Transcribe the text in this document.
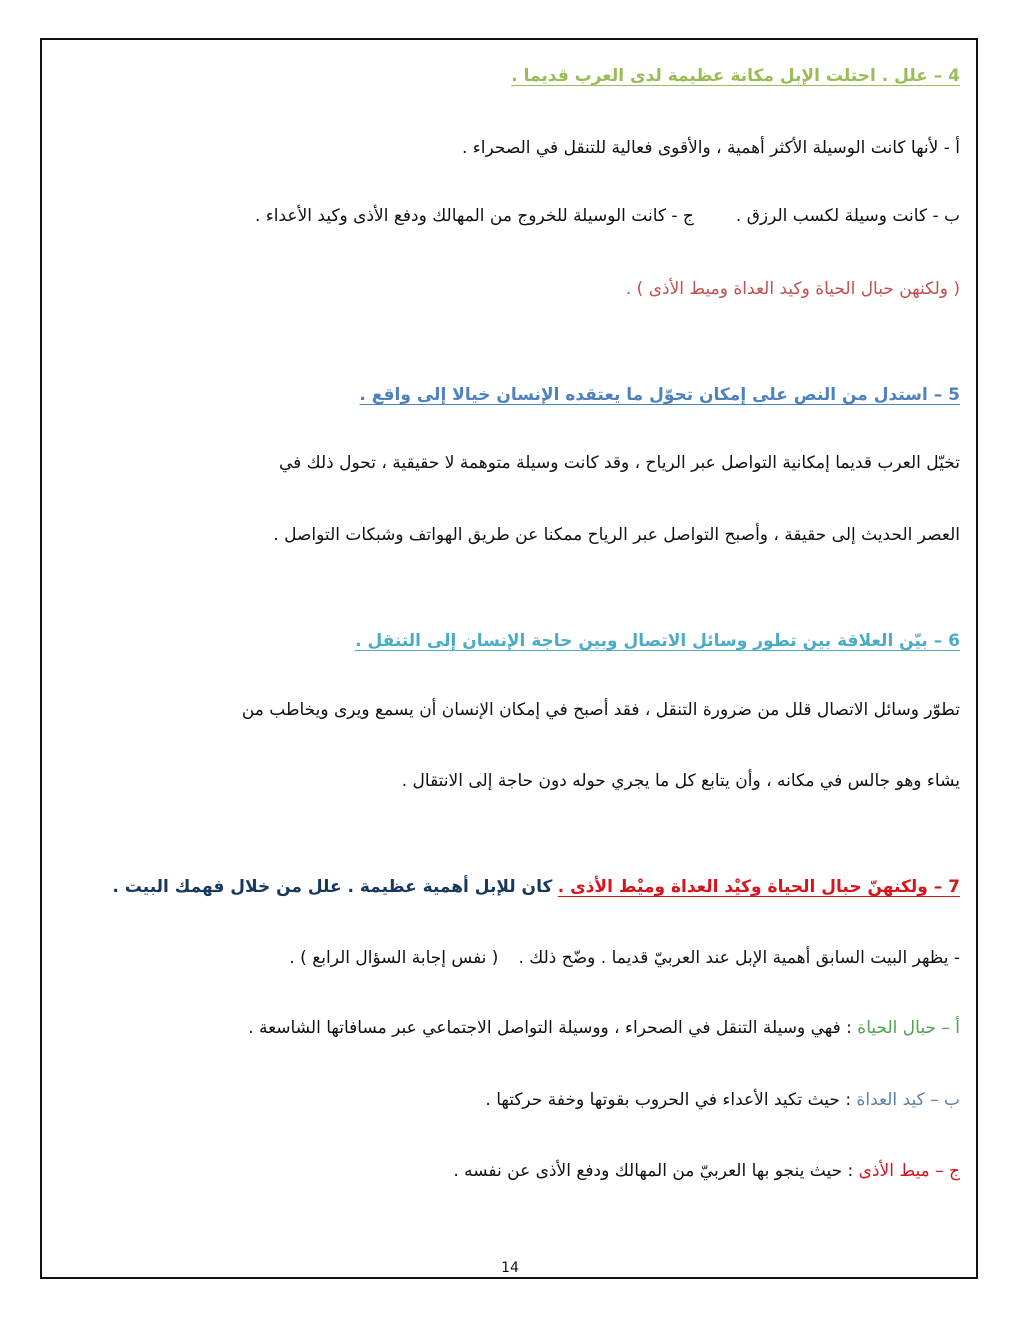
4 – علل . احتلت الإبل مكانة عظيمة لدى العرب قديما .
أ - لأنها كانت الوسيلة الأكثر أهمية ، والأقوى فعالية للتنقل في الصحراء .
ب - كانت وسيلة لكسب الرزق .ج - كانت الوسيلة للخروج من المهالك ودفع الأذى وكيد الأعداء .
( ولكنهن حبال الحياة وكيد العداة وميط الأذى ) .
5 – استدل من النص على إمكان تحوّل ما يعتقده الإنسان خيالا إلى واقع .
تخيّل العرب قديما إمكانية التواصل عبر الرياح ، وقد كانت وسيلة متوهمة لا حقيقية ، تحول ذلك في
العصر الحديث إلى حقيقة ، وأصبح التواصل عبر الرياح ممكنا عن طريق الهواتف وشبكات التواصل .
6 – بيّن العلاقة بين تطور وسائل الاتصال وبين حاجة الإنسان إلى التنقل .
تطوّر وسائل الاتصال قلل من ضرورة التنقل ، فقد أصبح في إمكان الإنسان أن يسمع ويرى ويخاطب من
يشاء وهو جالس في مكانه ، وأن يتابع كل ما يجري حوله دون حاجة إلى الانتقال .
7 – ولكنهنّ حبال الحياة وكيْد العداة وميْط الأذى . كان للإبل أهمية عظيمة . علل من خلال فهمك البيت .
- يظهر البيت السابق أهمية الإبل عند العربيّ قديما . وضّح ذلك .( نفس إجابة السؤال الرابع ) .
أ – حبال الحياة : فهي وسيلة التنقل في الصحراء ، ووسيلة التواصل الاجتماعي عبر مسافاتها الشاسعة .
ب – كيد العداة : حيث تكيد الأعداء في الحروب بقوتها وخفة حركتها .
ج – ميط الأذى : حيث ينجو بها العربيّ من المهالك ودفع الأذى عن نفسه .
14
